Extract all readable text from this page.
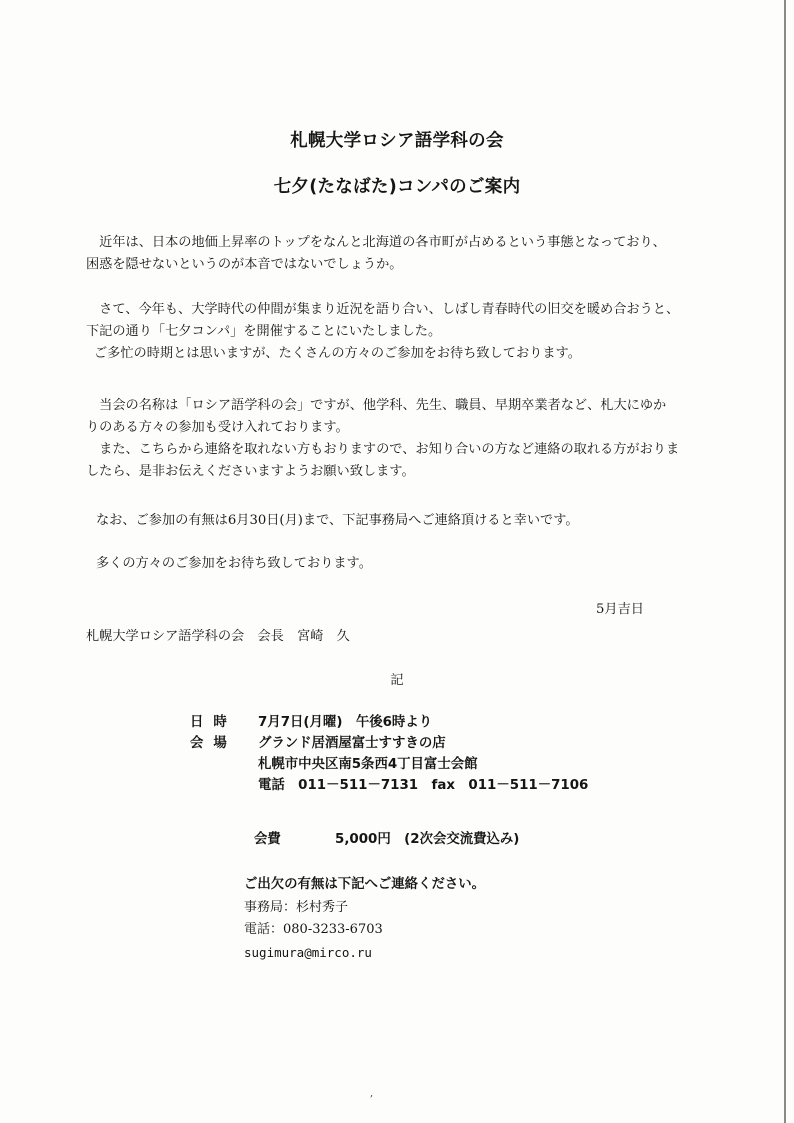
,
札幌大学ロシア語学科の会
七夕(たなばた)コンパのご案内
　近年は、日本の地価上昇率のトップをなんと北海道の各市町が占めるという事態となっており、
困惑を隠せないというのが本音ではないでしょうか。
　さて、今年も、大学時代の仲間が集まり近況を語り合い、しばし青春時代の旧交を暖め合おうと、
下記の通り「七夕コンパ」を開催することにいたしました。
ご多忙の時期とは思いますが、たくさんの方々のご参加をお待ち致しております。
　当会の名称は「ロシア語学科の会」ですが、他学科、先生、職員、早期卒業者など、札大にゆか
りのある方々の参加も受け入れております。
　また、こちらから連絡を取れない方もおりますので、お知り合いの方など連絡の取れる方がおりま
したら、是非お伝えくださいますようお願い致します。
なお、ご参加の有無は6月30日(月)まで、下記事務局へご連絡頂けると幸いです。
多くの方々のご参加をお待ち致しております。
5月吉日
札幌大学ロシア語学科の会　会長　宮崎　久
記
日時 7月7日(月曜)　午後6時より
会場 グランド居酒屋富士すすきの店
札幌市中央区南5条西4丁目富士会館
電話　011－511－7131　fax　011－511－7106
会費	5,000円　(2次会交流費込み)
ご出欠の有無は下記へご連絡ください。
事務局：杉村秀子
電話：080-3233-6703
sugimura@mirco.ru
